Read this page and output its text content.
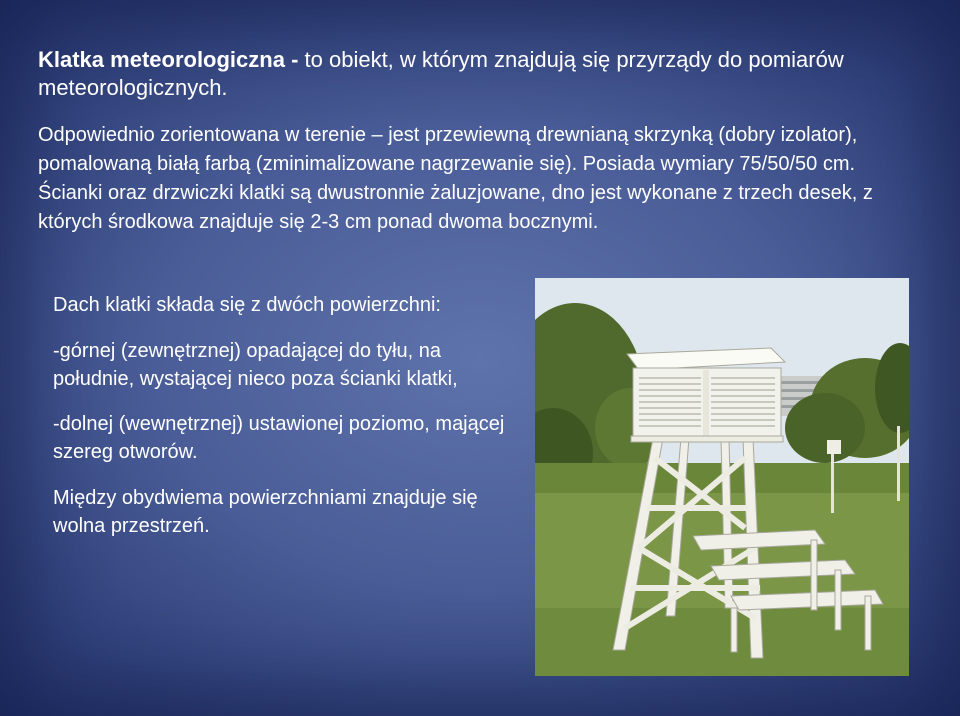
Klatka meteorologiczna - to obiekt, w którym znajdują się przyrządy do pomiarów meteorologicznych.
Odpowiednio zorientowana w terenie – jest przewiewną drewnianą skrzynką (dobry izolator), pomalowaną białą farbą (zminimalizowane nagrzewanie się). Posiada wymiary 75/50/50 cm. Ścianki oraz drzwiczki klatki są dwustronnie żaluzjowane, dno jest wykonane z trzech desek, z których środkowa znajduje się 2-3 cm ponad dwoma bocznymi.

Dach klatki składa się z dwóch powierzchni:

-górnej (zewnętrznej) opadającej do tyłu, na południe, wystającej nieco poza ścianki klatki,

-dolnej (wewnętrznej) ustawionej poziomo, mającej szereg otworów.

Między obydwiema powierzchniami znajduje się wolna przestrzeń.
